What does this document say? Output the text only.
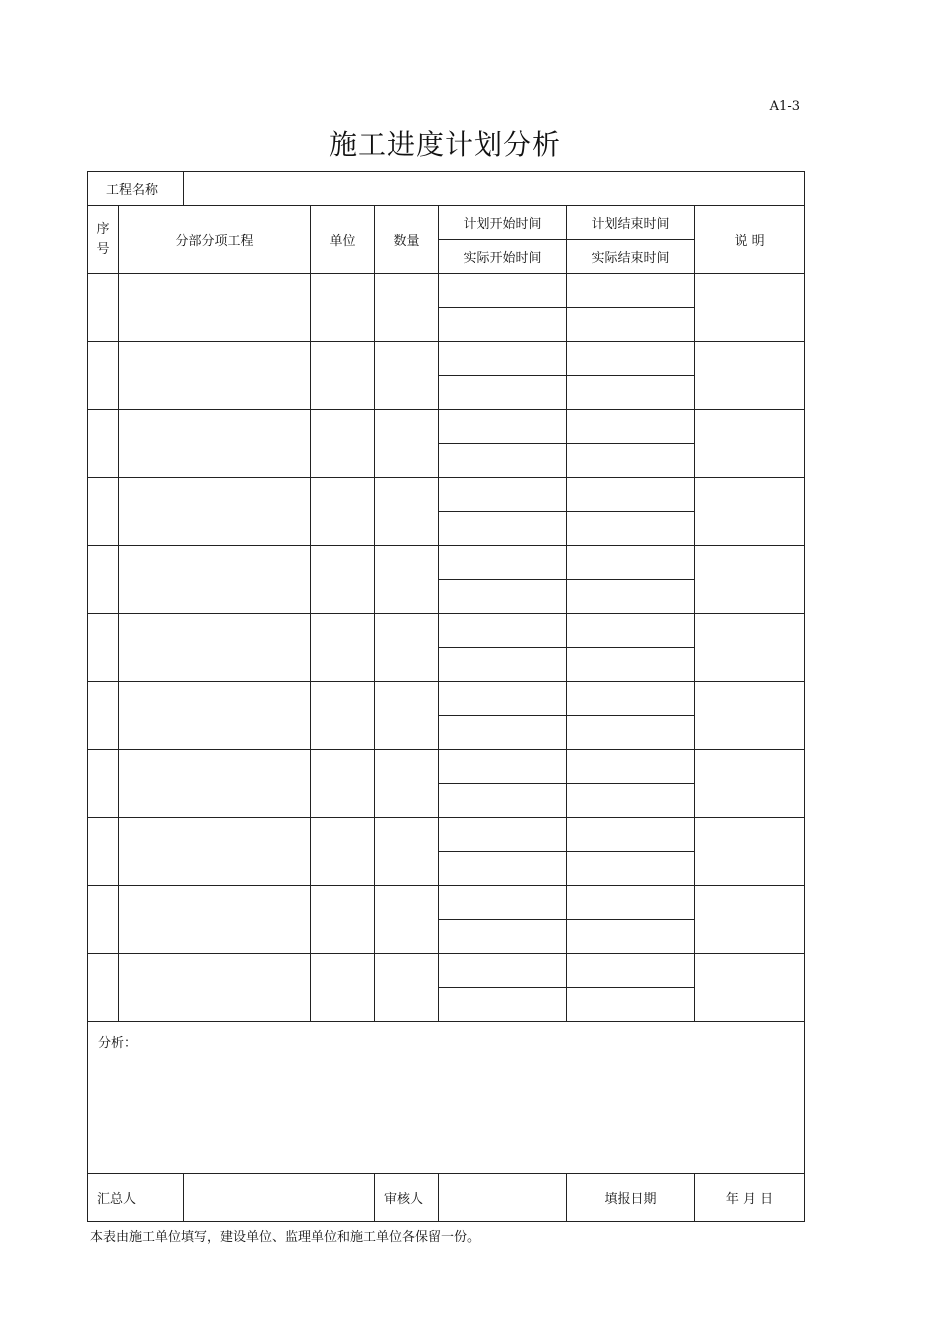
A1-3
施工进度计划分析
工程名称							
序
号	分部分项工程		单位	数量	计划开始时间	计划结束时间	说 明
					实际开始时间	实际结束时间	

分析：							
汇总人				审核人		填报日期	年 月 日
本表由施工单位填写，建设单位、监理单位和施工单位各保留一份。
